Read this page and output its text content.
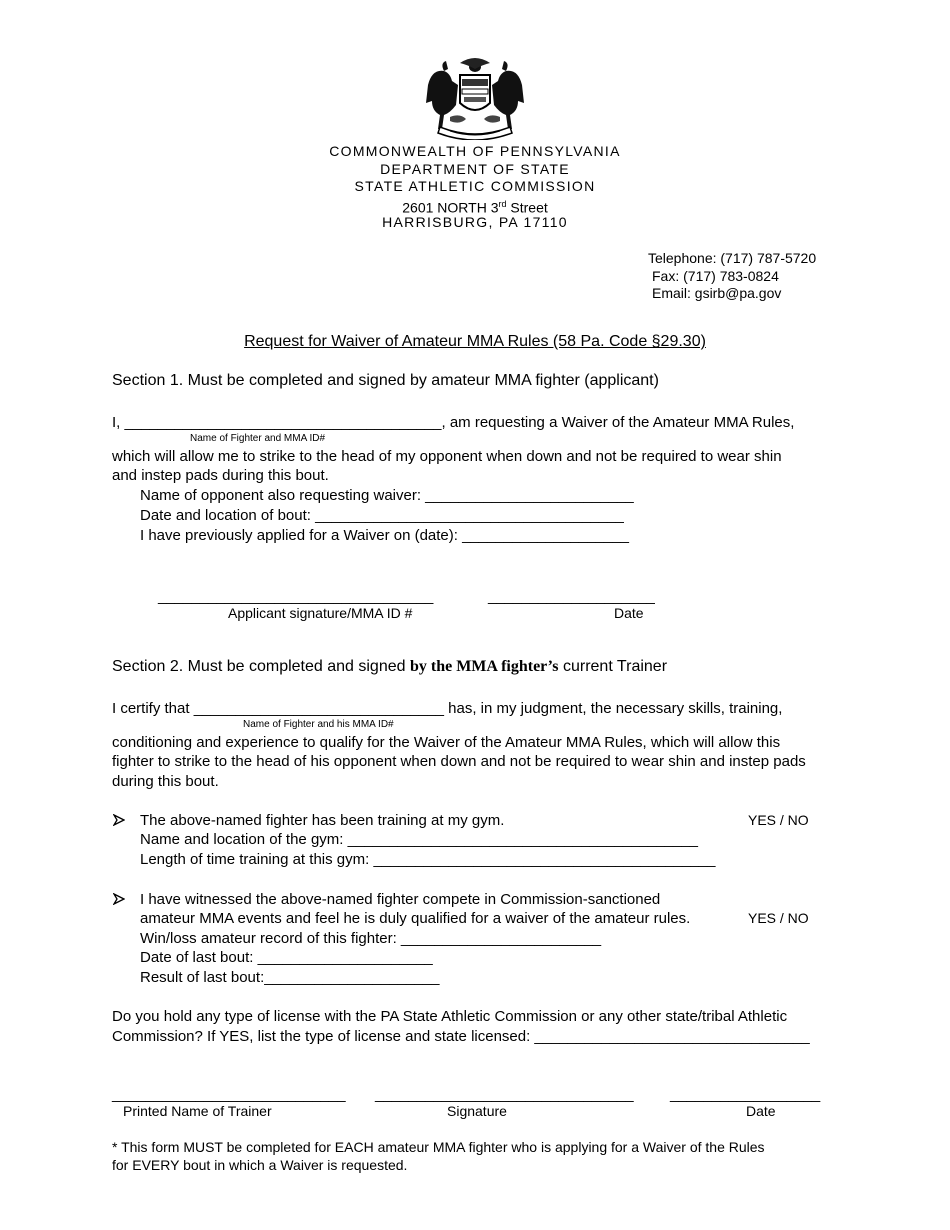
COMMONWEALTH OF PENNSYLVANIA
DEPARTMENT OF STATE
STATE ATHLETIC COMMISSION
2601 NORTH 3rd Street
HARRISBURG, PA 17110
Telephone: (717) 787-5720
Fax: (717) 783-0824
Email: gsirb@pa.gov
Request for Waiver of Amateur MMA Rules (58 Pa. Code §29.30)
Section 1. Must be completed and signed by amateur MMA fighter (applicant)
I, ______________________________________, am requesting a Waiver of the Amateur MMA Rules,
Name of Fighter and MMA ID#
which will allow me to strike to the head of my opponent when down and not be required to wear shin
and instep pads during this bout.
Name of opponent also requesting waiver: _________________________
Date and location of bout: _____________________________________
I have previously applied for a Waiver on (date): ____________________
_________________________________	____________________
Applicant signature/MMA ID #	Date
Section 2. Must be completed and signed by the MMA fighter’s current Trainer
I certify that ______________________________ has, in my judgment, the necessary skills, training,
Name of Fighter and his MMA ID#
conditioning and experience to qualify for the Waiver of the Amateur MMA Rules, which will allow this
fighter to strike to the head of his opponent when down and not be required to wear shin and instep pads
during this bout.
The above-named fighter has been training at my gym.	YES / NO
Name and location of the gym: __________________________________________
Length of time training at this gym: _________________________________________
I have witnessed the above-named fighter compete in Commission-sanctioned
amateur MMA events and feel he is duly qualified for a waiver of the amateur rules.	YES / NO
Win/loss amateur record of this fighter: ________________________
Date of last bout: _____________________
Result of last bout:_____________________
Do you hold any type of license with the PA State Athletic Commission or any other state/tribal Athletic
Commission? If YES, list the type of license and state licensed: _________________________________
____________________________ _______________________________ __________________
Printed Name of Trainer	Signature	Date
* This form MUST be completed for EACH amateur MMA fighter who is applying for a Waiver of the Rules
for EVERY bout in which a Waiver is requested.
